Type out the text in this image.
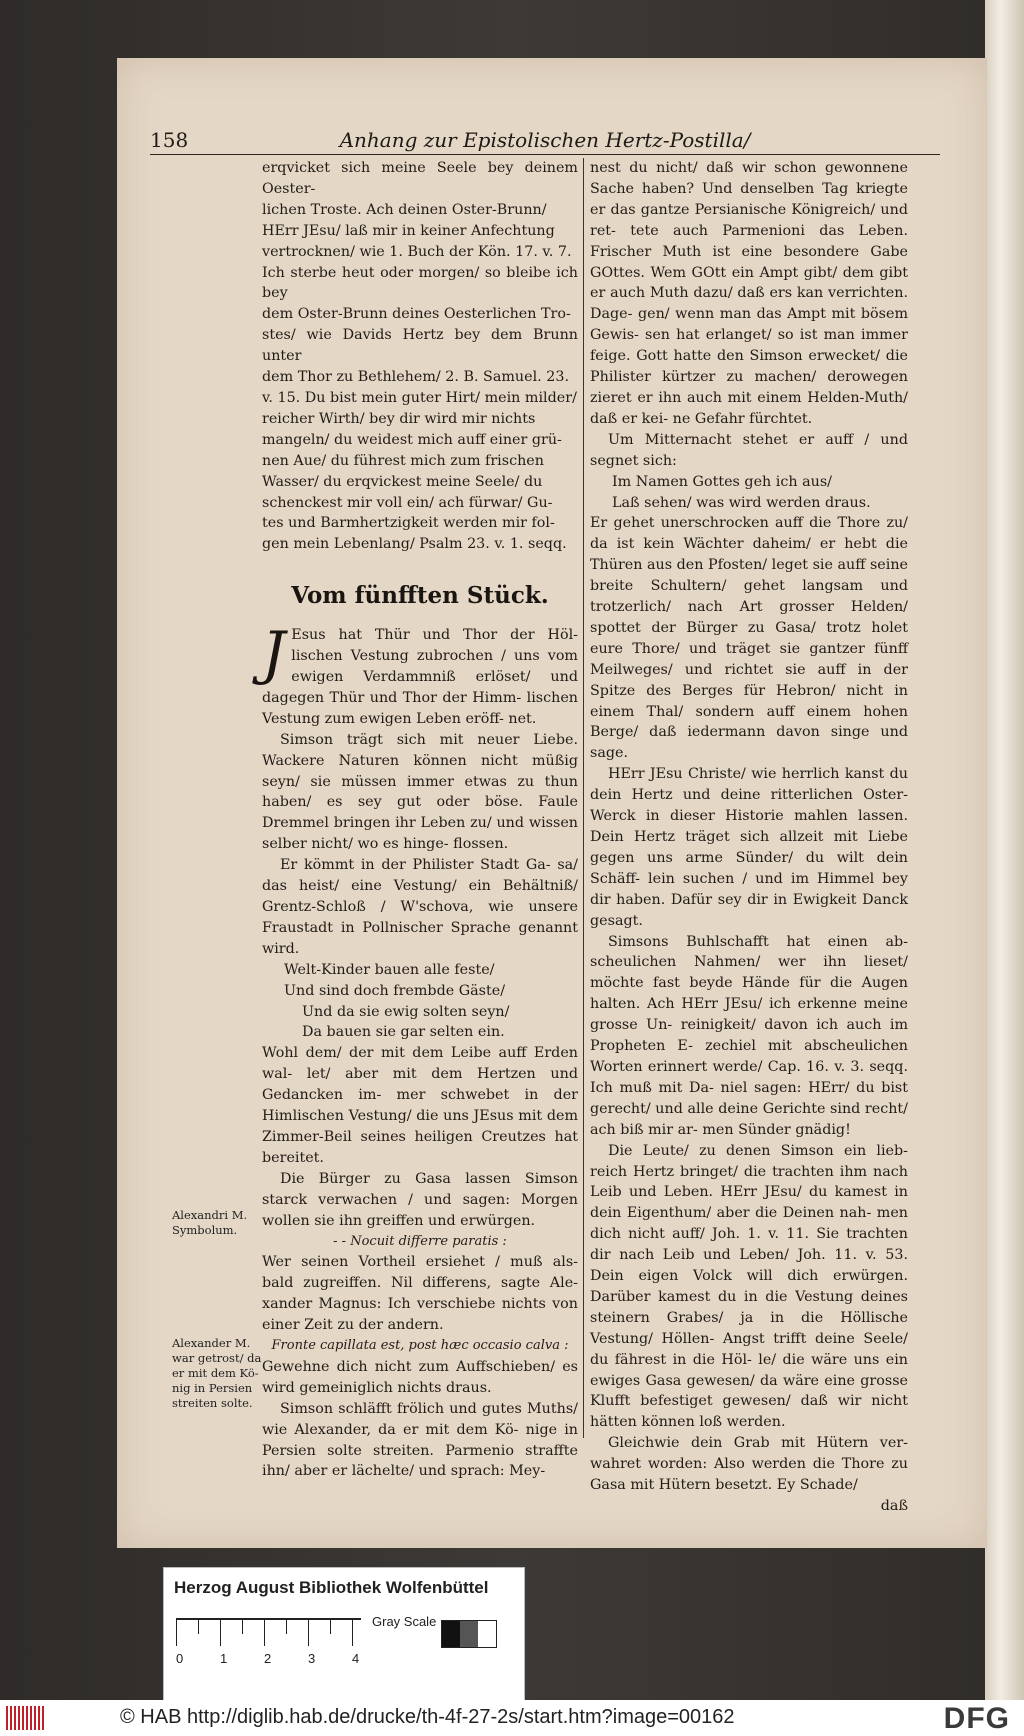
158	Anhang zur Epistolischen Hertz-Postilla/

erqvicket sich meine Seele bey deinem Oester-

lichen Troste. Ach deinen Oster-Brunn/

HErr JEsu/ laß mir in keiner Anfechtung

vertrocknen/ wie 1. Buch der Kön. 17. v. 7.

Ich sterbe heut oder morgen/ so bleibe ich bey

dem Oster-Brunn deines Oesterlichen Tro-

stes/ wie Davids Hertz bey dem Brunn unter

dem Thor zu Bethlehem/ 2. B. Samuel. 23.

v. 15. Du bist mein guter Hirt/ mein milder/

reicher Wirth/ bey dir wird mir nichts

mangeln/ du weidest mich auff einer grü-

nen Aue/ du führest mich zum frischen

Wasser/ du erqvickest meine Seele/ du

schenckest mir voll ein/ ach fürwar/ Gu-

tes und Barmhertzigkeit werden mir fol-

gen mein Lebenlang/ Psalm 23. v. 1. seqq.

Vom fünfften Stück.

J Esus hat Thür und Thor der Höl- lischen Vestung zubrochen / uns vom ewigen Verdammniß erlöset/ und dagegen Thür und Thor der Himm- lischen Vestung zum ewigen Leben eröff- net.

Simson trägt sich mit neuer Liebe. Wackere Naturen können nicht müßig seyn/ sie müssen immer etwas zu thun haben/ es sey gut oder böse. Faule Dremmel bringen ihr Leben zu/ und wissen selber nicht/ wo es hinge- flossen.

Er kömmt in der Philister Stadt Ga- sa/ das heist/ eine Vestung/ ein Behältniß/ Grentz-Schloß / W'schova, wie unsere Fraustadt in Pollnischer Sprache genannt wird.

Welt-Kinder bauen alle feste/

Und sind doch frembde Gäste/

Und da sie ewig solten seyn/

Da bauen sie gar selten ein.

Wohl dem/ der mit dem Leibe auff Erden wal- let/ aber mit dem Hertzen und Gedancken im- mer schwebet in der Himlischen Vestung/ die uns JEsus mit dem Zimmer-Beil seines heiligen Creutzes hat bereitet.

Die Bürger zu Gasa lassen Simson starck verwachen / und sagen: Morgen wollen sie ihn greiffen und erwürgen.

- - Nocuit differre paratis :

Wer seinen Vortheil ersiehet / muß als- bald zugreiffen. Nil differens, sagte Ale- xander Magnus: Ich verschiebe nichts von einer Zeit zu der andern.

Fronte capillata est, post hæc occasio calva :

Gewehne dich nicht zum Auffschieben/ es wird gemeiniglich nichts draus.

Simson schläfft frölich und gutes Muths/ wie Alexander, da er mit dem Kö- nige in Persien solte streiten. Parmenio straffte ihn/ aber er lächelte/ und sprach: Mey-

Alexandri M. Symbolum.
Alexander M. war getrost/ da er mit dem Kö- nig in Persien streiten solte.

nest du nicht/ daß wir schon gewonnene Sache haben? Und denselben Tag kriegte er das gantze Persianische Königreich/ und ret- tete auch Parmenioni das Leben. Frischer Muth ist eine besondere Gabe GOttes. Wem GOtt ein Ampt gibt/ dem gibt er auch Muth dazu/ daß ers kan verrichten. Dage- gen/ wenn man das Ampt mit bösem Gewis- sen hat erlanget/ so ist man immer feige. Gott hatte den Simson erwecket/ die Philister kürtzer zu machen/ derowegen zieret er ihn auch mit einem Helden-Muth/ daß er kei- ne Gefahr fürchtet.

Um Mitternacht stehet er auff / und segnet sich:

Im Namen Gottes geh ich aus/

Laß sehen/ was wird werden draus.

Er gehet unerschrocken auff die Thore zu/ da ist kein Wächter daheim/ er hebt die Thüren aus den Pfosten/ leget sie auff seine breite Schultern/ gehet langsam und trotzerlich/ nach Art grosser Helden/ spottet der Bürger zu Gasa/ trotz holet eure Thore/ und träget sie gantzer fünff Meilweges/ und richtet sie auff in der Spitze des Berges für Hebron/ nicht in einem Thal/ sondern auff einem hohen Berge/ daß iedermann davon singe und sage.

HErr JEsu Christe/ wie herrlich kanst du dein Hertz und deine ritterlichen Oster- Werck in dieser Historie mahlen lassen. Dein Hertz träget sich allzeit mit Liebe gegen uns arme Sünder/ du wilt dein Schäff- lein suchen / und im Himmel bey dir haben. Dafür sey dir in Ewigkeit Danck gesagt.

Simsons Buhlschafft hat einen ab- scheulichen Nahmen/ wer ihn lieset/ möchte fast beyde Hände für die Augen halten. Ach HErr JEsu/ ich erkenne meine grosse Un- reinigkeit/ davon ich auch im Propheten E- zechiel mit abscheulichen Worten erinnert werde/ Cap. 16. v. 3. seqq. Ich muß mit Da- niel sagen: HErr/ du bist gerecht/ und alle deine Gerichte sind recht/ ach biß mir ar- men Sünder gnädig!

Die Leute/ zu denen Simson ein lieb- reich Hertz bringet/ die trachten ihm nach Leib und Leben. HErr JEsu/ du kamest in dein Eigenthum/ aber die Deinen nah- men dich nicht auff/ Joh. 1. v. 11. Sie trachten dir nach Leib und Leben/ Joh. 11. v. 53. Dein eigen Volck will dich erwürgen. Darüber kamest du in die Vestung deines steinern Grabes/ ja in die Höllische Vestung/ Höllen- Angst trifft deine Seele/ du fährest in die Höl- le/ die wäre uns ein ewiges Gasa gewesen/ da wäre eine grosse Klufft befestiget gewesen/ daß wir nicht hätten können loß werden.

Gleichwie dein Grab mit Hütern ver- wahret worden: Also werden die Thore zu Gasa mit Hütern besetzt. Ey Schade/

daß

Herzog August Bibliothek Wolfenbüttel
0	1	2	3	4
Gray Scale
© HAB http://diglib.hab.de/drucke/th-4f-27-2s/start.htm?image=00162	DFG
